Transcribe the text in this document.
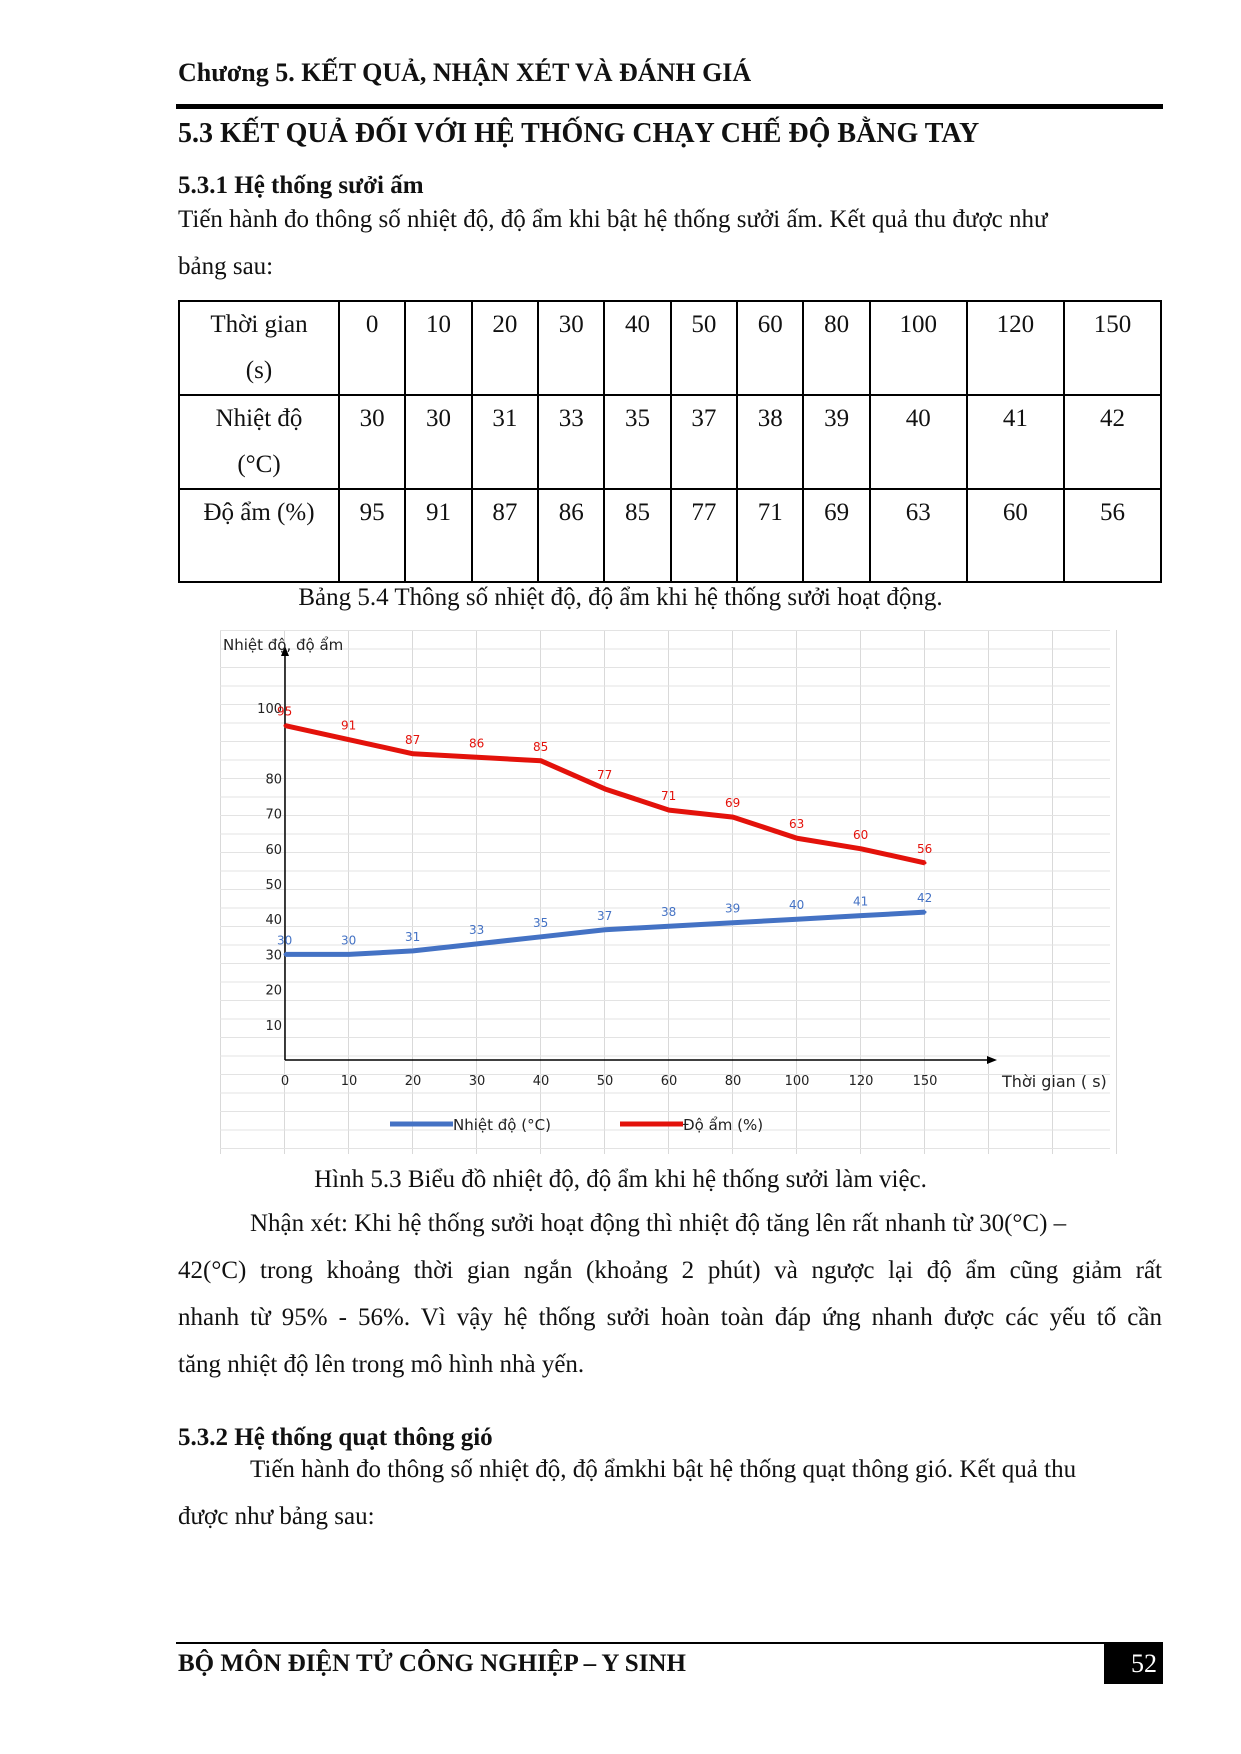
Chương 5. KẾT QUẢ, NHẬN XÉT VÀ ĐÁNH GIÁ
5.3 KẾT QUẢ ĐỐI VỚI HỆ THỐNG CHẠY CHẾ ĐỘ BẰNG TAY
5.3.1 Hệ thống sưởi ấm
Tiến hành đo thông số nhiệt độ, độ ẩm khi bật hệ thống sưởi ấm. Kết quả thu được như
bảng sau:
Thời gian
(s)	0	10	20	30	40	50	60	80	100	120	150
Nhiệt độ
(°C)	30	30	31	33	35	37	38	39	40	41	42
Độ ẩm (%)	95	91	87	86	85	77	71	69	63	60	56
Bảng 5.4 Thông số nhiệt độ, độ ẩm khi hệ thống sưởi hoạt động.
Nhiệt độ, độ ẩm
Thời gian ( s)
100
80
70
60
50
40
30
20
10
0	10	20	30	40	50	60	80	100	120	150
30	30	31
33
35
37	38	39	40	41	42
95
91
87	86	85
77
71
69
63
60
56
Nhiệt độ (°C)	Độ ẩm (%)
Hình 5.3 Biểu đồ nhiệt độ, độ ẩm khi hệ thống sưởi làm việc.
Nhận xét: Khi hệ thống sưởi hoạt động thì nhiệt độ tăng lên rất nhanh từ 30(°C) –
42(°C) trong khoảng thời gian ngắn (khoảng 2 phút) và ngược lại độ ẩm cũng giảm rất
nhanh từ 95% - 56%. Vì vậy hệ thống sưởi hoàn toàn đáp ứng nhanh được các yếu tố cần
tăng nhiệt độ lên trong mô hình nhà yến.
5.3.2 Hệ thống quạt thông gió
Tiến hành đo thông số nhiệt độ, độ ẩmkhi bật hệ thống quạt thông gió. Kết quả thu
được như bảng sau:
BỘ MÔN ĐIỆN TỬ CÔNG NGHIỆP – Y SINH	52
